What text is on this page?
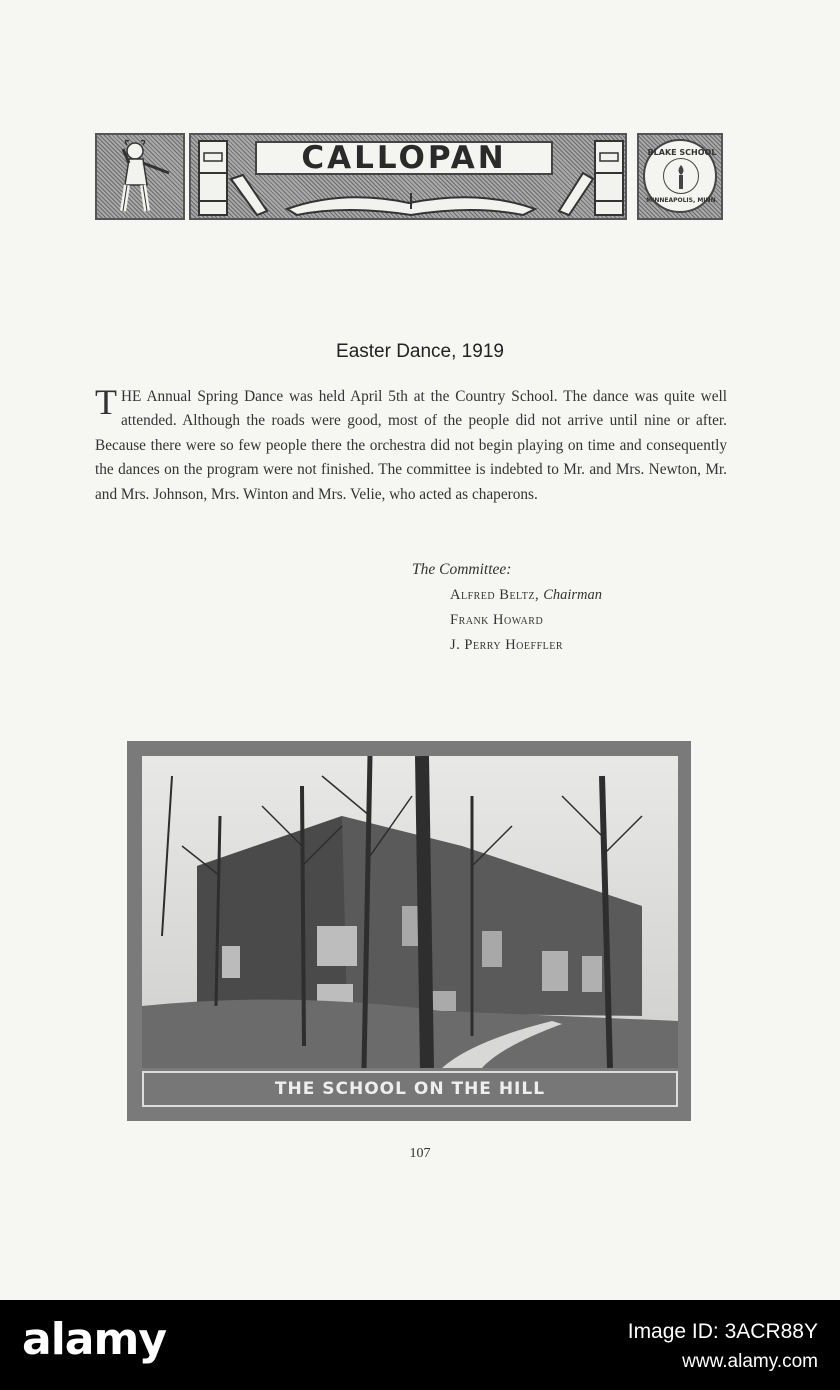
CALLOPAN	BLAKE SCHOOL
MINNEAPOLIS, MINN.
Easter Dance, 1919
THE Annual Spring Dance was held April 5th at the Country School. The dance was quite well attended. Although the roads were good, most of the people did not arrive until nine or after. Because there were so few people there the orchestra did not begin playing on time and consequently the dances on the program were not finished. The committee is indebted to Mr. and Mrs. Newton, Mr. and Mrs. Johnson, Mrs. Winton and Mrs. Velie, who acted as chaperons.
The Committee:
Alfred Beltz, Chairman
Frank Howard
J. Perry Hoeffler
THE SCHOOL ON THE HILL
107
alamy	Image ID: 3ACR88Y
www.alamy.com
